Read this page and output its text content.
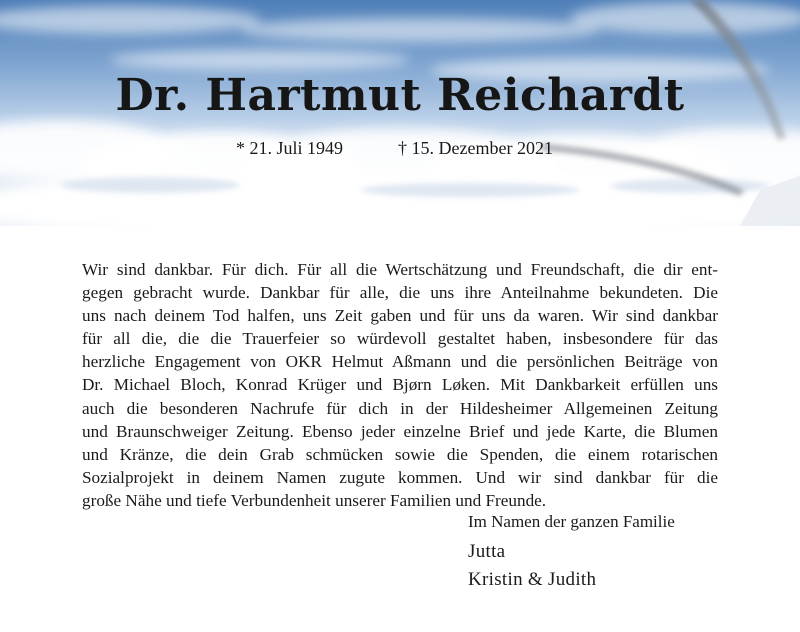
Dr. Hartmut Reichardt
* 21. Juli 1949	† 15. Dezember 2021
Wir sind dankbar. Für dich. Für all die Wertschätzung und Freundschaft, die dir ent-
gegen gebracht wurde. Dankbar für alle, die uns ihre Anteilnahme bekundeten. Die
uns nach deinem Tod halfen, uns Zeit gaben und für uns da waren. Wir sind dankbar
für all die, die die Trauerfeier so würdevoll gestaltet haben, insbesondere für das
herzliche Engagement von OKR Helmut Aßmann und die persönlichen Beiträge von
Dr. Michael Bloch, Konrad Krüger und Bjørn Løken. Mit Dankbarkeit erfüllen uns
auch die besonderen Nachrufe für dich in der Hildesheimer Allgemeinen Zeitung
und Braunschweiger Zeitung. Ebenso jeder einzelne Brief und jede Karte, die Blumen
und Kränze, die dein Grab schmücken sowie die Spenden, die einem rotarischen
Sozialprojekt in deinem Namen zugute kommen. Und wir sind dankbar für die
große Nähe und tiefe Verbundenheit unserer Familien und Freunde.
Im Namen der ganzen Familie
Jutta
Kristin & Judith
